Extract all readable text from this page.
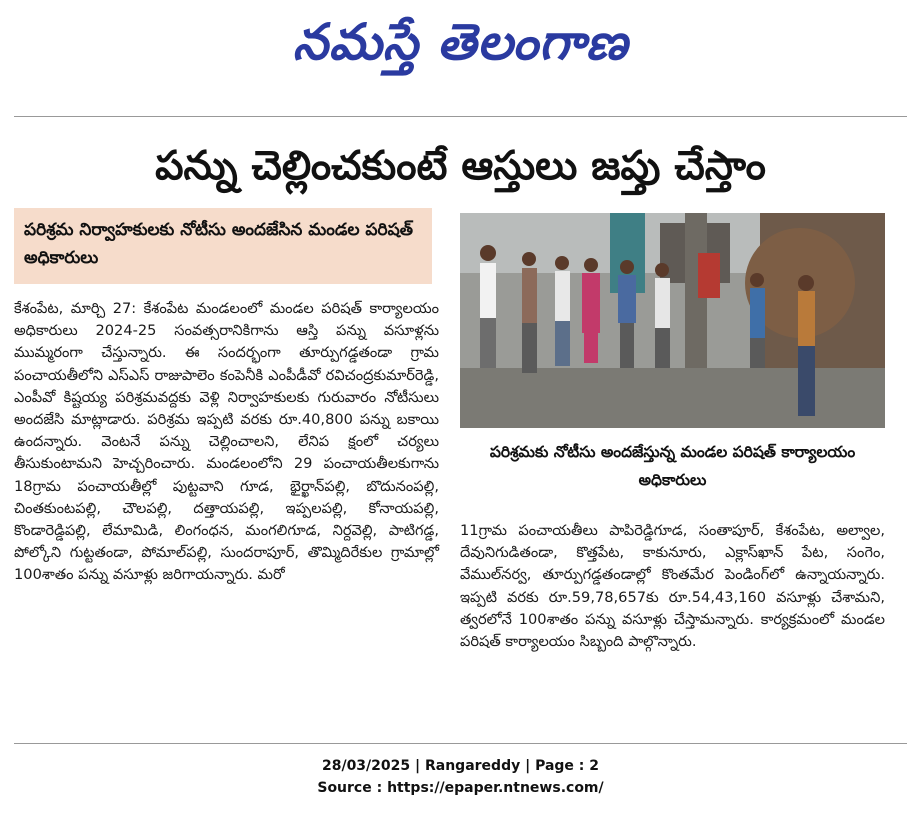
నమస్తే తెలంగాణ
పన్ను చెల్లించకుంటే ఆస్తులు జప్తు చేస్తాం
పరిశ్రమ నిర్వాహకులకు నోటీసు అందజేసిన మండల పరిషత్ అధికారులు
కేశంపేట, మార్చి 27: కేశంపేట మండలంలో మండల పరిషత్ కార్యాలయం అధికారులు 2024-25 సంవత్సరానికిగాను ఆస్తి పన్ను వసూళ్లను ముమ్మరంగా చేస్తున్నారు. ఈ సందర్భంగా తూర్పుగడ్డతండా గ్రామ పంచాయతీలోని ఎస్ఎస్ రాజుపాలెం కంపెనీకి ఎంపీడీవో రవిచంద్రకుమార్‌రెడ్డి, ఎంపీవో కిష్టయ్య పరిశ్రమవద్దకు వెళ్లి నిర్వాహకులకు గురువారం నోటీసులు అందజేసి మాట్లాడారు. పరిశ్రమ ఇప్పటి వరకు రూ.40,800 పన్ను బకాయి ఉందన్నారు. వెంటనే పన్ను చెల్లించాలని, లేనిప క్షంలో చర్యలు తీసుకుంటామని హెచ్చరించారు. మండలంలోని 29 పంచాయతీలకుగాను 18గ్రామ పంచాయతీల్లో పుట్టవాని గూడ, భైర్ఖాన్‌పల్లి, బొదునంపల్లి, చింతకుంటపల్లి, చౌలపల్లి, దత్తాయపల్లి, ఇప్పలపల్లి, కోనాయపల్లి, కొండారెడ్డిపల్లి, లేమామిడి, లింగంధన, మంగలిగూడ, నిర్దవెల్లి, పాటిగడ్డ, పోల్కోని గుట్టతండా, పోమాల్‌పల్లి, సుందరాపూర్, తొమ్మిదిరేకుల గ్రామాల్లో 100శాతం పన్ను వసూళ్లు జరిగాయన్నారు. మరో
పరిశ్రమకు నోటీసు అందజేస్తున్న మండల పరిషత్ కార్యాలయం అధికారులు
11గ్రామ పంచాయతీలు పాపిరెడ్డిగూడ, సంతాపూర్, కేశంపేట, అల్వాల, దేవునిగుడితండా, కొత్తపేట, కాకునూరు, ఎక్లాస్‌ఖాన్ పేట, సంగెం, వేముల్‌నర్వ, తూర్పుగడ్డతండాల్లో కొంతమేర పెండింగ్‌లో ఉన్నాయన్నారు. ఇప్పటి వరకు రూ.59,78,657కు రూ.54,43,160 వసూళ్లు చేశామని, త్వరలోనే 100శాతం పన్ను వసూళ్లు చేస్తామన్నారు. కార్యక్రమంలో మండల పరిషత్ కార్యాలయం సిబ్బంది పాల్గొన్నారు.
28/03/2025 | Rangareddy | Page : 2
Source : https://epaper.ntnews.com/
